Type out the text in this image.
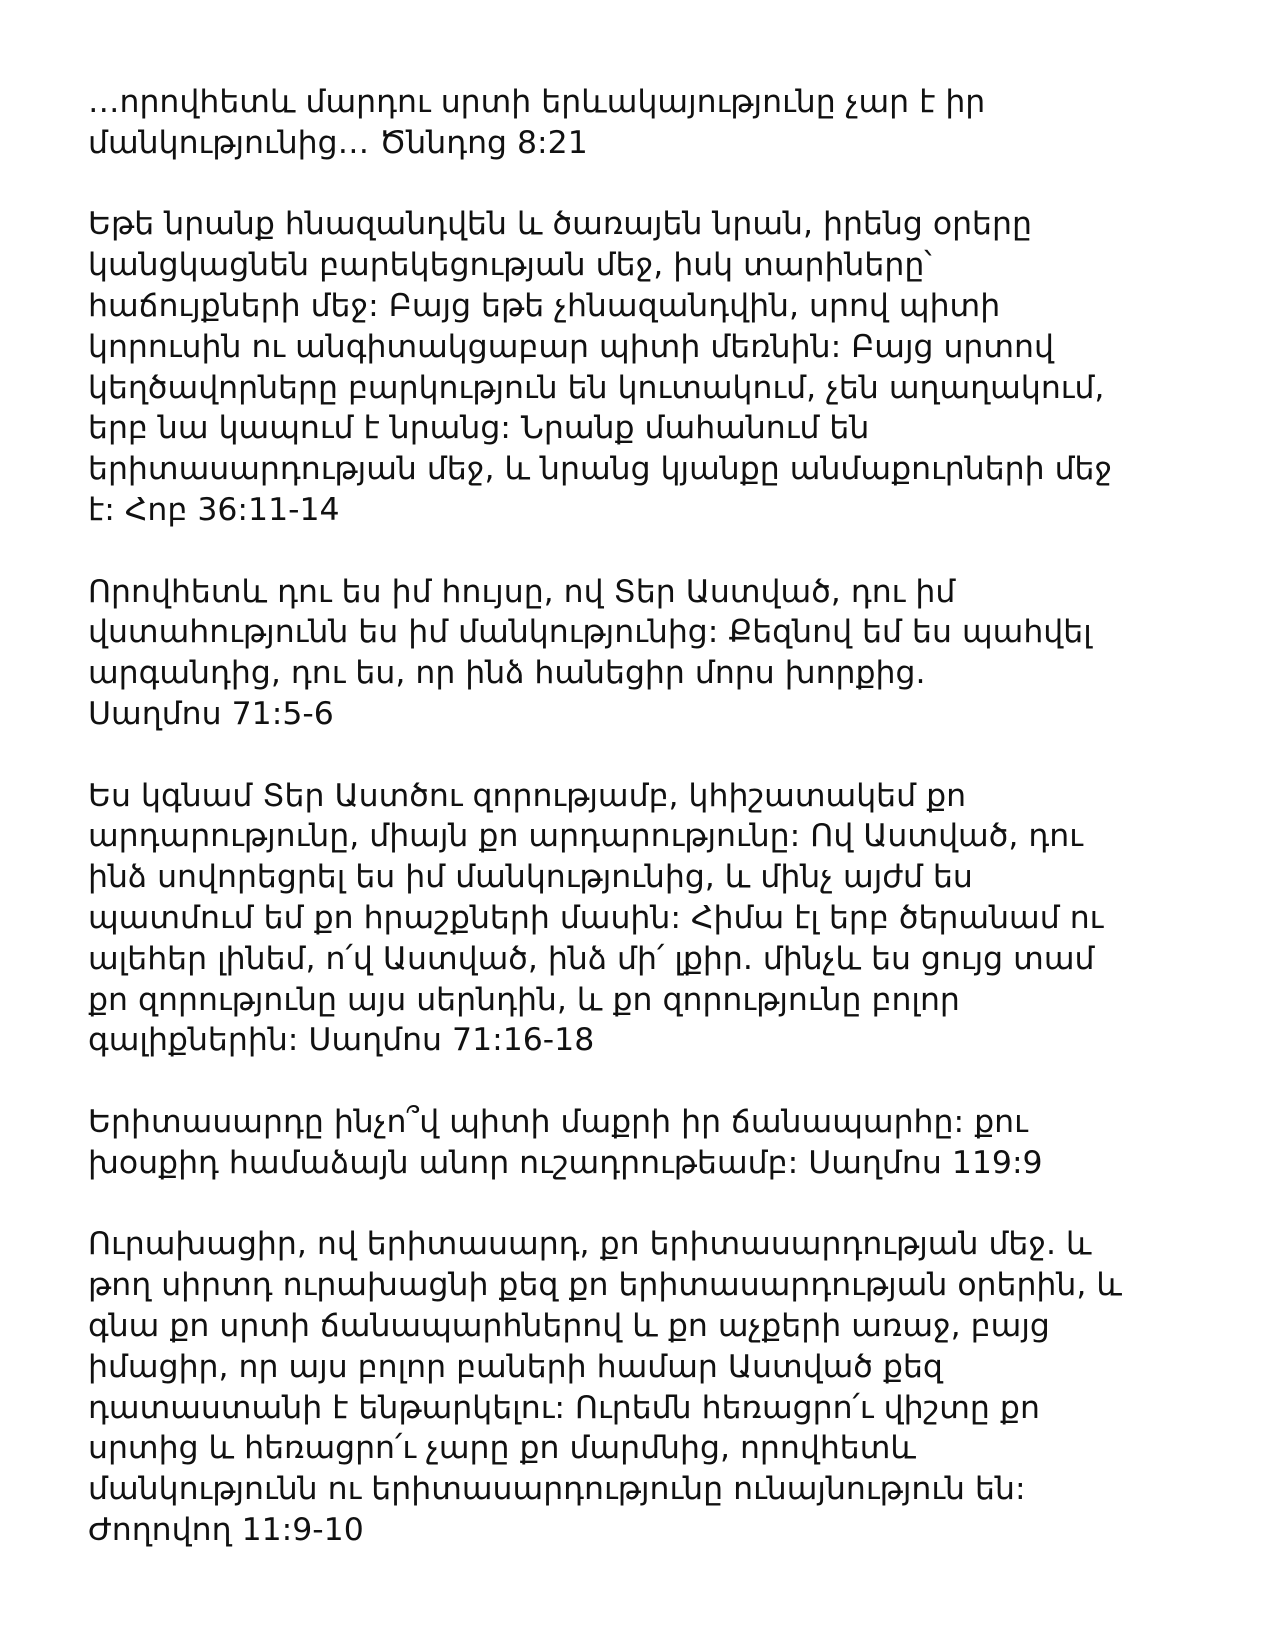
…որովհետև մարդու սրտի երևակայությունը չար է իր
մանկությունից… Ծննդոց 8:21

Եթե նրանք հնազանդվեն և ծառայեն նրան, իրենց օրերը
կանցկացնեն բարեկեցության մեջ, իսկ տարիները՝
հաճույքների մեջ: Բայց եթե չհնազանդվին, սրով պիտի
կորուսին ու անգիտակցաբար պիտի մեռնին: Բայց սրտով
կեղծավորները բարկություն են կուտակում, չեն աղաղակում,
երբ նա կապում է նրանց: Նրանք մահանում են
երիտասարդության մեջ, և նրանց կյանքը անմաքուրների մեջ
է: Հոբ 36:11-14

Որովհետև դու ես իմ հույսը, ով Տեր Աստված, դու իմ
վստահությունն ես իմ մանկությունից: Քեզնով եմ ես պահվել
արգանդից, դու ես, որ ինձ հանեցիր մորս խորքից.
Սաղմոս 71:5-6

Ես կգնամ Տեր Աստծու զորությամբ, կհիշատակեմ քո
արդարությունը, միայն քո արդարությունը: Ով Աստված, դու
ինձ սովորեցրել ես իմ մանկությունից, և մինչ այժմ ես
պատմում եմ քո հրաշքների մասին: Հիմա էլ երբ ծերանամ ու
ալեհեր լինեմ, ո՛վ Աստված, ինձ մի՛ լքիր. մինչև ես ցույց տամ
քո զորությունը այս սերնդին, և քո զորությունը բոլոր
գալիքներին: Սաղմոս 71:16-18

Երիտասարդը ինչո՞վ պիտի մաքրի իր ճանապարհը: քու
խօսքիդ համաձայն անոր ուշադրութեամբ: Սաղմոս 119:9

Ուրախացիր, ով երիտասարդ, քո երիտասարդության մեջ. և
թող սիրտդ ուրախացնի քեզ քո երիտասարդության օրերին, և
գնա քո սրտի ճանապարհներով և քո աչքերի առաջ, բայց
իմացիր, որ այս բոլոր բաների համար Աստված քեզ
դատաստանի է ենթարկելու: Ուրեմն հեռացրո՛ւ վիշտը քո
սրտից և հեռացրո՛ւ չարը քո մարմնից, որովհետև
մանկությունն ու երիտասարդությունը ունայնություն են:
Ժողովող 11:9-10
